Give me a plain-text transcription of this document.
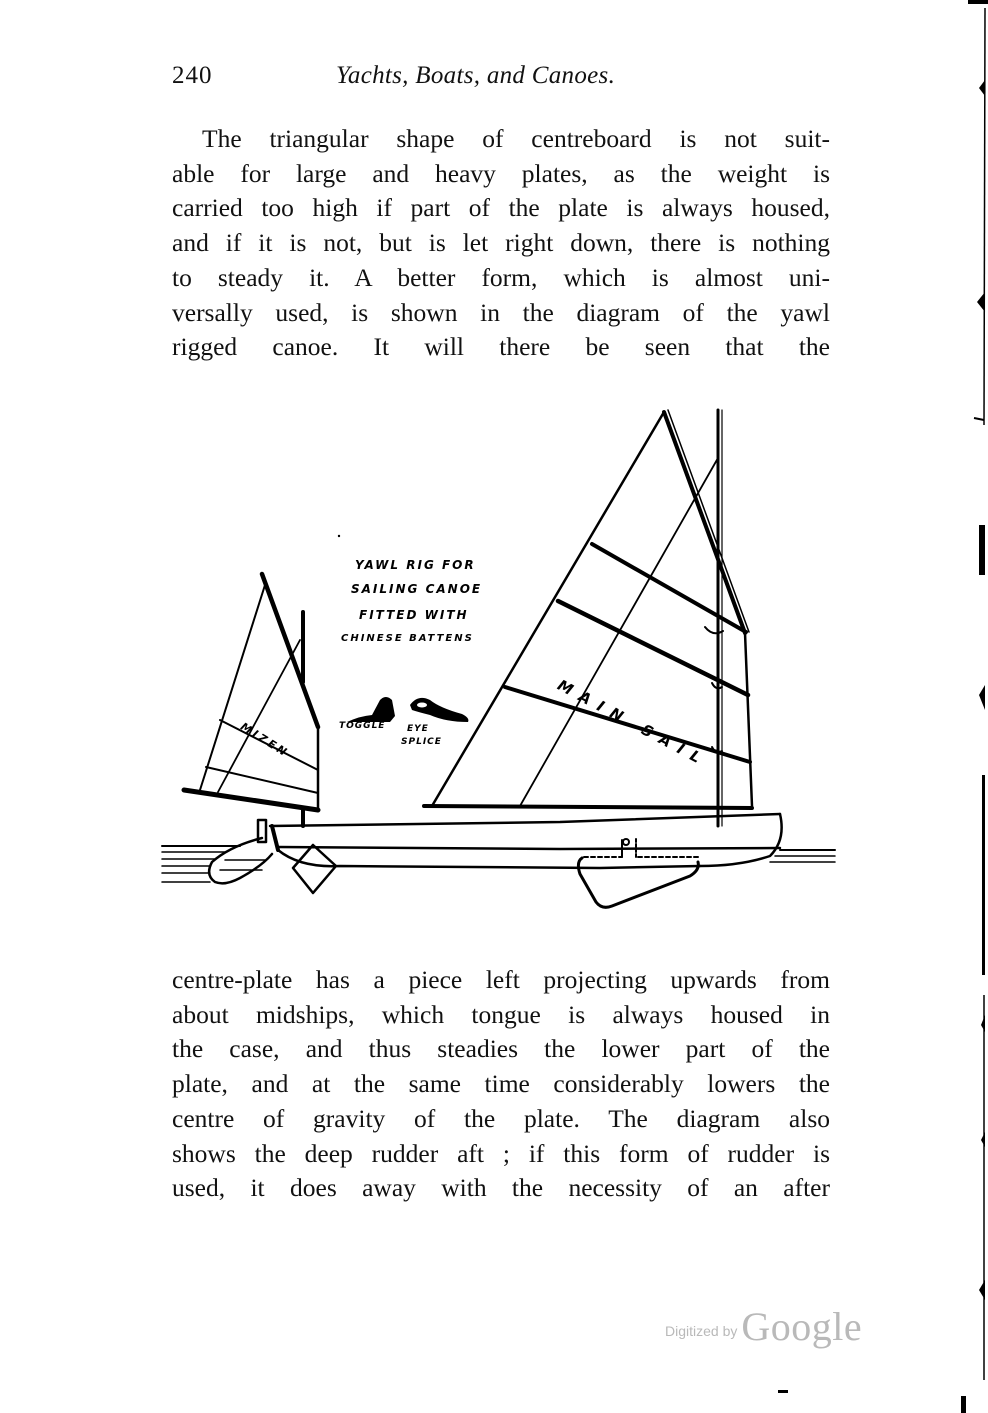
240	Yachts, Boats, and Canoes.
The triangular shape of centreboard is not suit-
able for large and heavy plates, as the weight is
carried too high if part of the plate is always housed,
and if it is not, but is let right down, there is nothing
to steady it. A better form, which is almost uni-
versally used, is shown in the diagram of the yawl
rigged canoe. It will there be seen that the
YAWL RIG FOR
SAILING CANOE
FITTED WITH
CHINESE BATTENS
TOGGLE EYE
SPLICE	MAIN SAIL
MIZEN
centre-plate has a piece left projecting upwards from
about midships, which tongue is always housed in
the case, and thus steadies the lower part of the
plate, and at the same time considerably lowers the
centre of gravity of the plate. The diagram also
shows the deep rudder aft ; if this form of rudder is
used, it does away with the necessity of an after
Digitized by Google
